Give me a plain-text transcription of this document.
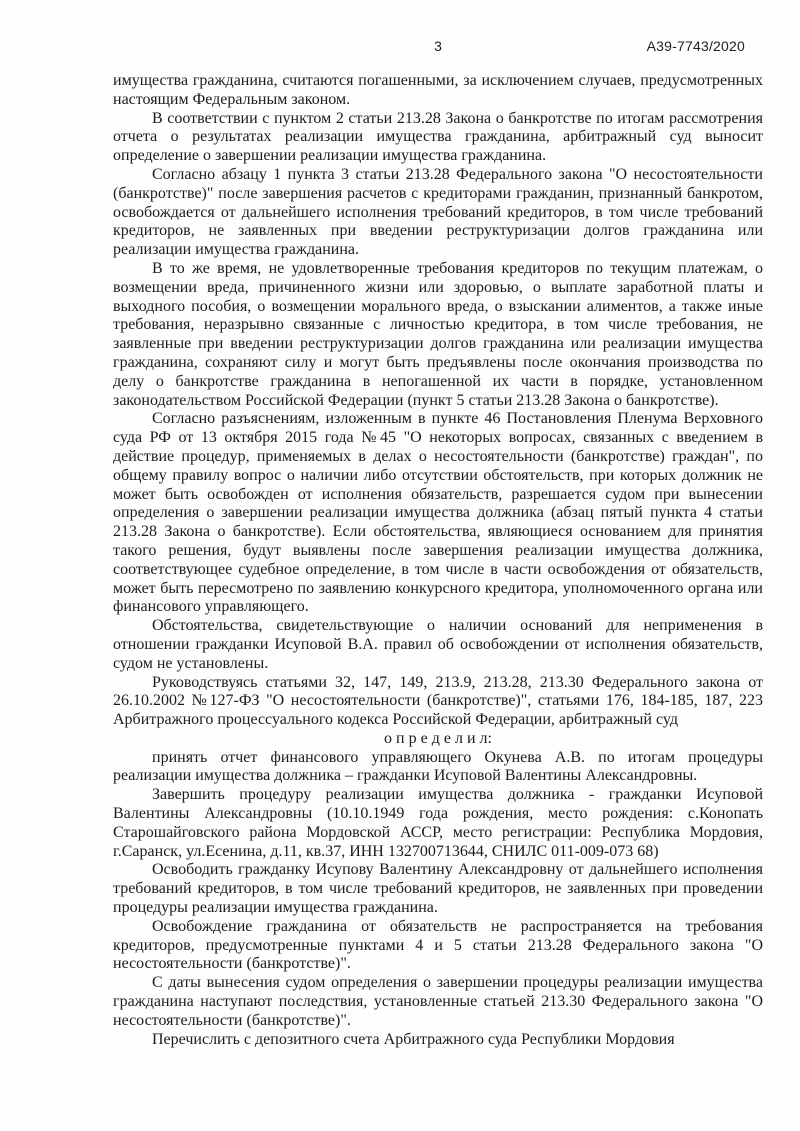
3	А39-7743/2020

имущества гражданина, считаются погашенными, за исключением случаев, предусмотренных настоящим Федеральным законом.

В соответствии с пунктом 2 статьи 213.28 Закона о банкротстве по итогам рассмотрения отчета о результатах реализации имущества гражданина, арбитражный суд выносит определение о завершении реализации имущества гражданина.

Согласно абзацу 1 пункта 3 статьи 213.28 Федерального закона "О несостоятельности (банкротстве)" после завершения расчетов с кредиторами гражданин, признанный банкротом, освобождается от дальнейшего исполнения требований кредиторов, в том числе требований кредиторов, не заявленных при введении реструктуризации долгов гражданина или реализации имущества гражданина.

В то же время, не удовлетворенные требования кредиторов по текущим платежам, о возмещении вреда, причиненного жизни или здоровью, о выплате заработной платы и выходного пособия, о возмещении морального вреда, о взыскании алиментов, а также иные требования, неразрывно связанные с личностью кредитора, в том числе требования, не заявленные при введении реструктуризации долгов гражданина или реализации имущества гражданина, сохраняют силу и могут быть предъявлены после окончания производства по делу о банкротстве гражданина в непогашенной их части в порядке, установленном законодательством Российской Федерации (пункт 5 статьи 213.28 Закона о банкротстве).

Согласно разъяснениям, изложенным в пункте 46 Постановления Пленума Верховного суда РФ от 13 октября 2015 года №45 "О некоторых вопросах, связанных с введением в действие процедур, применяемых в делах о несостоятельности (банкротстве) граждан", по общему правилу вопрос о наличии либо отсутствии обстоятельств, при которых должник не может быть освобожден от исполнения обязательств, разрешается судом при вынесении определения о завершении реализации имущества должника (абзац пятый пункта 4 статьи 213.28 Закона о банкротстве). Если обстоятельства, являющиеся основанием для принятия такого решения, будут выявлены после завершения реализации имущества должника, соответствующее судебное определение, в том числе в части освобождения от обязательств, может быть пересмотрено по заявлению конкурсного кредитора, уполномоченного органа или финансового управляющего.

Обстоятельства, свидетельствующие о наличии оснований для неприменения в отношении гражданки Исуповой В.А. правил об освобождении от исполнения обязательств, судом не установлены.

Руководствуясь статьями 32, 147, 149, 213.9, 213.28, 213.30 Федерального закона от 26.10.2002 №127-ФЗ "О несостоятельности (банкротстве)", статьями 176, 184-185, 187, 223 Арбитражного процессуального кодекса Российской Федерации, арбитражный суд

о п р е д е л и л:

принять отчет финансового управляющего Окунева А.В. по итогам процедуры реализации имущества должника – гражданки Исуповой Валентины Александровны.

Завершить процедуру реализации имущества должника - гражданки Исуповой Валентины Александровны (10.10.1949 года рождения, место рождения: с.Конопать Старошайговского района Мордовской АССР, место регистрации: Республика Мордовия, г.Саранск, ул.Есенина, д.11, кв.37, ИНН 132700713644, СНИЛС 011-009-073 68)

Освободить гражданку Исупову Валентину Александровну от дальнейшего исполнения требований кредиторов, в том числе требований кредиторов, не заявленных при проведении процедуры реализации имущества гражданина.

Освобождение гражданина от обязательств не распространяется на требования кредиторов, предусмотренные пунктами 4 и 5 статьи 213.28 Федерального закона "О несостоятельности (банкротстве)".

С даты вынесения судом определения о завершении процедуры реализации имущества гражданина наступают последствия, установленные статьей 213.30 Федерального закона "О несостоятельности (банкротстве)".

Перечислить с депозитного счета Арбитражного суда Республики Мордовия
